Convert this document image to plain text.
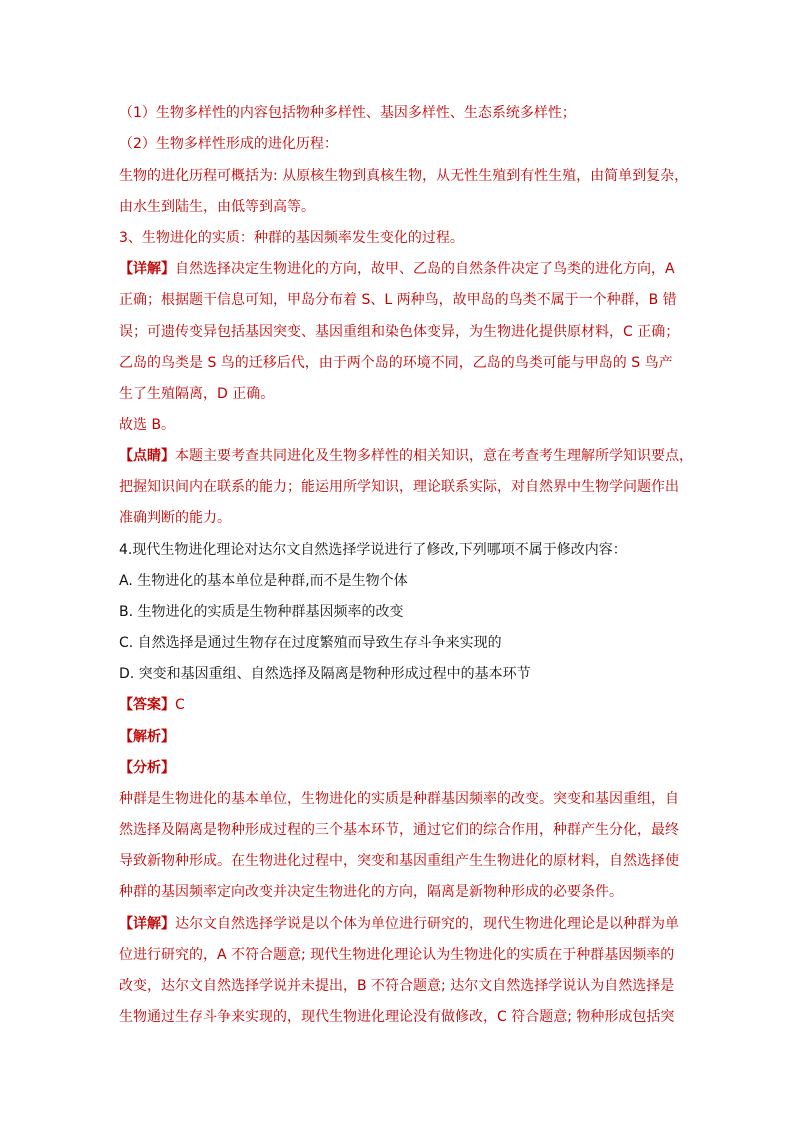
（1）生物多样性的内容包括物种多样性、基因多样性、生态系统多样性；
（2）生物多样性形成的进化历程：
生物的进化历程可概括为: 从原核生物到真核生物，从无性生殖到有性生殖，由简单到复杂，
由水生到陆生，由低等到高等。
3、生物进化的实质：种群的基因频率发生变化的过程。
【详解】自然选择决定生物进化的方向，故甲、乙岛的自然条件决定了鸟类的进化方向，A
正确；根据题干信息可知，甲岛分布着 S、L 两种鸟，故甲岛的鸟类不属于一个种群，B 错
误；可遗传变异包括基因突变、基因重组和染色体变异，为生物进化提供原材料，C 正确；
乙岛的鸟类是 S 鸟的迁移后代，由于两个岛的环境不同，乙岛的鸟类可能与甲岛的 S 鸟产
生了生殖隔离，D 正确。
故选 B。
【点睛】本题主要考查共同进化及生物多样性的相关知识，意在考查考生理解所学知识要点，
把握知识间内在联系的能力；能运用所学知识，理论联系实际，对自然界中生物学问题作出
准确判断的能力。
4.现代生物进化理论对达尔文自然选择学说进行了修改,下列哪项不属于修改内容：
A. 生物进化的基本单位是种群,而不是生物个体
B. 生物进化的实质是生物种群基因频率的改变
C. 自然选择是通过生物存在过度繁殖而导致生存斗争来实现的
D. 突变和基因重组、自然选择及隔离是物种形成过程中的基本环节
【答案】C
【解析】
【分析】
种群是生物进化的基本单位，生物进化的实质是种群基因频率的改变。突变和基因重组，自
然选择及隔离是物种形成过程的三个基本环节，通过它们的综合作用，种群产生分化，最终
导致新物种形成。在生物进化过程中，突变和基因重组产生生物进化的原材料，自然选择使
种群的基因频率定向改变并决定生物进化的方向，隔离是新物种形成的必要条件。
【详解】达尔文自然选择学说是以个体为单位进行研究的，现代生物进化理论是以种群为单
位进行研究的，A 不符合题意; 现代生物进化理论认为生物进化的实质在于种群基因频率的
改变，达尔文自然选择学说并未提出，B 不符合题意; 达尔文自然选择学说认为自然选择是
生物通过生存斗争来实现的，现代生物进化理论没有做修改，C 符合题意; 物种形成包括突
